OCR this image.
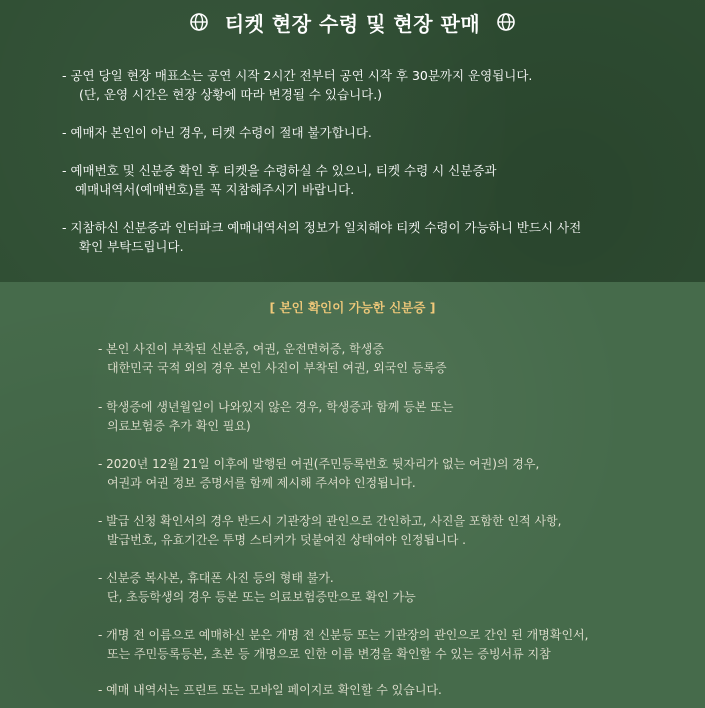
티켓 현장 수령 및 현장 판매
- 공연 당일 현장 매표소는 공연 시작 2시간 전부터 공연 시작 후 30분까지 운영됩니다.
(단, 운영 시간은 현장 상황에 따라 변경될 수 있습니다.)
- 예매자 본인이 아닌 경우, 티켓 수령이 절대 불가합니다.
- 예매번호 및 신분증 확인 후 티켓을 수령하실 수 있으니, 티켓 수령 시 신분증과
예매내역서(예매번호)를 꼭 지참해주시기 바랍니다.
- 지참하신 신분증과 인터파크 예매내역서의 정보가 일치해야 티켓 수령이 가능하니 반드시 사전
확인 부탁드립니다.
[ 본인 확인이 가능한 신분증 ]
- 본인 사진이 부착된 신분증, 여권, 운전면허증, 학생증
대한민국 국적 외의 경우 본인 사진이 부착된 여권, 외국인 등록증
- 학생증에 생년월일이 나와있지 않은 경우, 학생증과 함께 등본 또는
의료보험증 추가 확인 필요)
- 2020년 12월 21일 이후에 발행된 여권(주민등록번호 뒷자리가 없는 여권)의 경우,
여권과 여권 정보 증명서를 함께 제시해 주셔야 인정됩니다.
- 발급 신청 확인서의 경우 반드시 기관장의 관인으로 간인하고, 사진을 포함한 인적 사항,
발급번호, 유효기간은 투명 스티커가 덧붙여진 상태여야 인정됩니다 .
- 신분증 복사본, 휴대폰 사진 등의 형태 불가.
단, 초등학생의 경우 등본 또는 의료보험증만으로 확인 가능
- 개명 전 이름으로 예매하신 분은 개명 전 신분등 또는 기관장의 관인으로 간인 된 개명확인서,
또는 주민등록등본, 초본 등 개명으로 인한 이름 변경을 확인할 수 있는 증빙서류 지참
- 예매 내역서는 프린트 또는 모바일 페이지로 확인할 수 있습니다.
